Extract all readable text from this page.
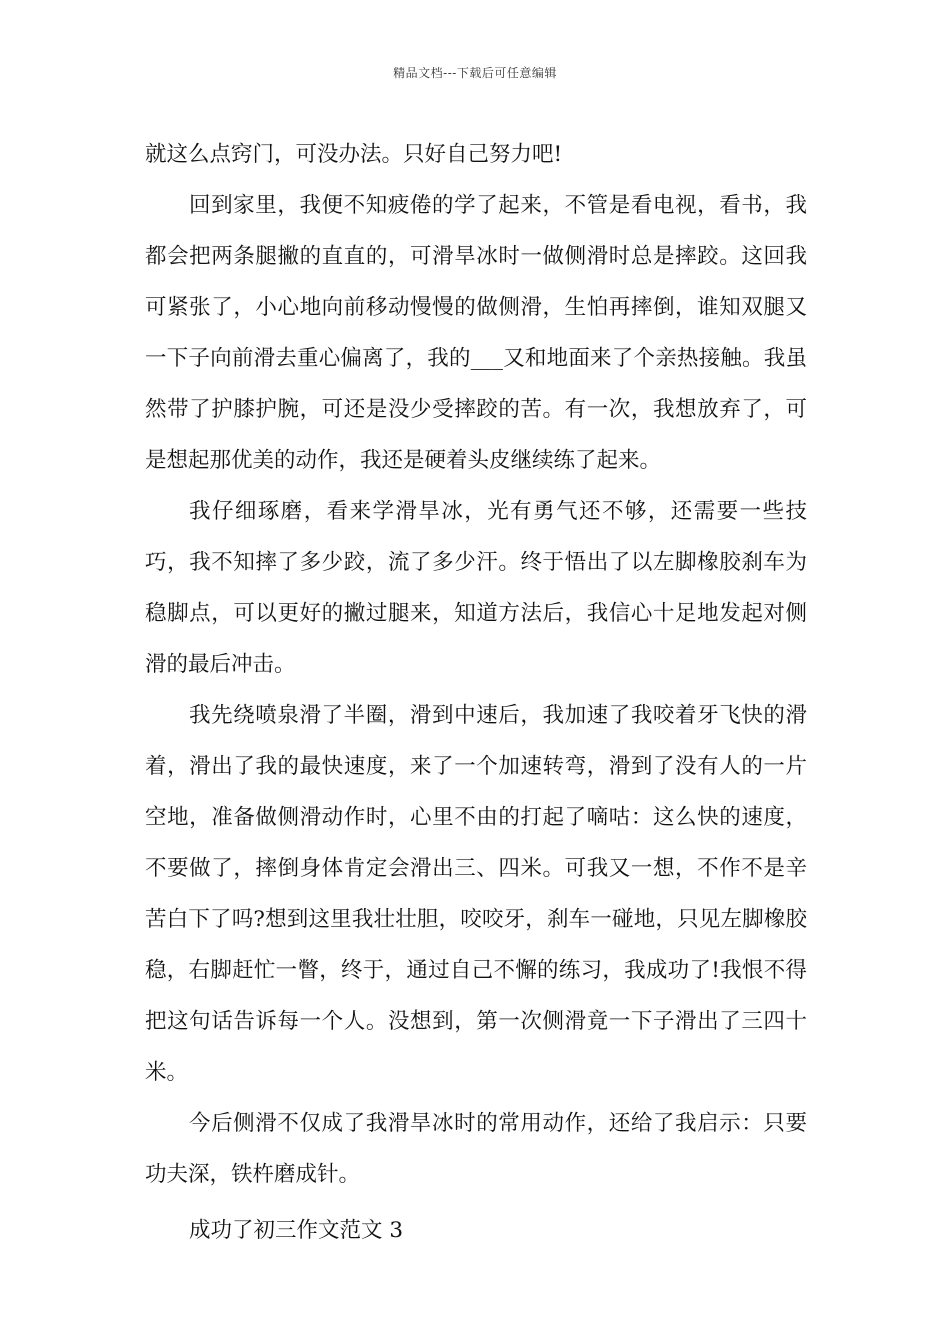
精品文档---下载后可任意编辑

就这么点窍门，可没办法。只好自己努力吧!

回到家里，我便不知疲倦的学了起来，不管是看电视，看书，我都会把两条腿撇的直直的，可滑旱冰时一做侧滑时总是摔跤。这回我可紧张了，小心地向前移动慢慢的做侧滑，生怕再摔倒，谁知双腿又一下子向前滑去重心偏离了，我的___又和地面来了个亲热接触。我虽然带了护膝护腕，可还是没少受摔跤的苦。有一次，我想放弃了，可是想起那优美的动作，我还是硬着头皮继续练了起来。

我仔细琢磨，看来学滑旱冰，光有勇气还不够，还需要一些技巧，我不知摔了多少跤，流了多少汗。终于悟出了以左脚橡胶刹车为稳脚点，可以更好的撇过腿来，知道方法后，我信心十足地发起对侧滑的最后冲击。

我先绕喷泉滑了半圈，滑到中速后，我加速了我咬着牙飞快的滑着，滑出了我的最快速度，来了一个加速转弯，滑到了没有人的一片空地，准备做侧滑动作时，心里不由的打起了嘀咕：这么快的速度，不要做了，摔倒身体肯定会滑出三、四米。可我又一想，不作不是辛苦白下了吗?想到这里我壮壮胆，咬咬牙，刹车一碰地，只见左脚橡胶稳，右脚赶忙一瞥，终于，通过自己不懈的练习，我成功了!我恨不得把这句话告诉每一个人。没想到，第一次侧滑竟一下子滑出了三四十米。

今后侧滑不仅成了我滑旱冰时的常用动作，还给了我启示：只要功夫深，铁杵磨成针。

成功了初三作文范文 3
